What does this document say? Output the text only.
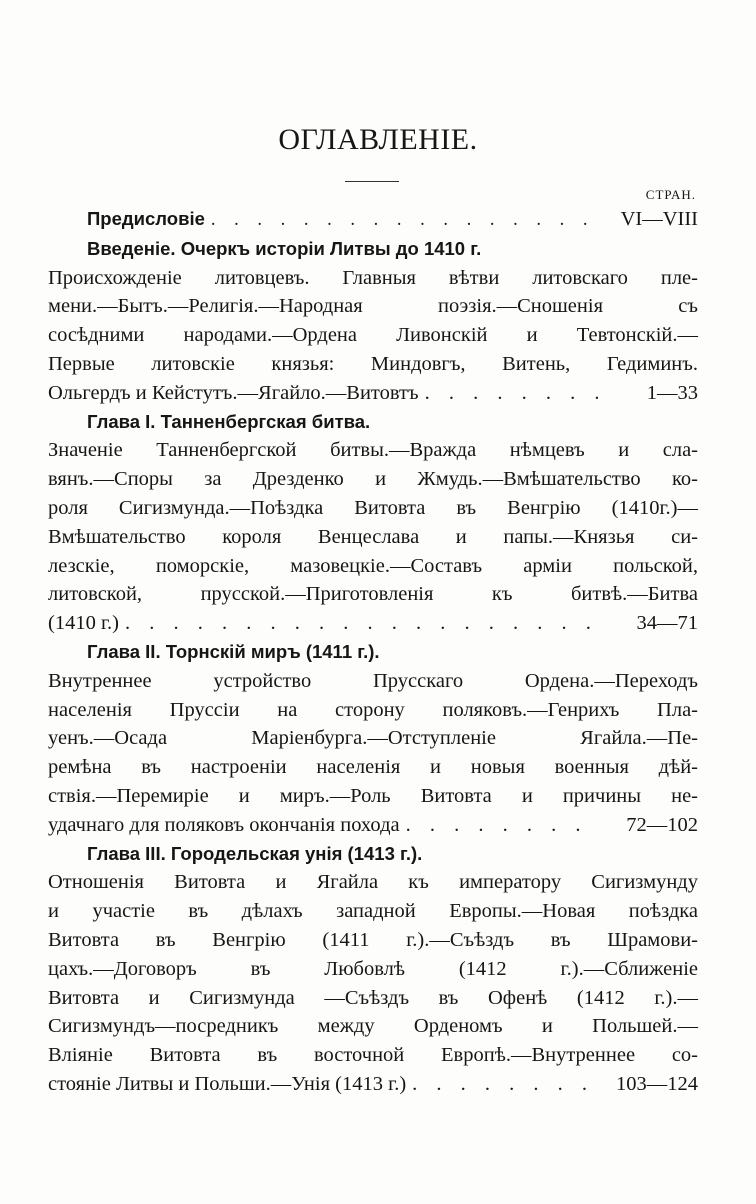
ОГЛАВЛЕНІЕ.
СТРАН.
Предисловіе . . .	VI—VIII
Введеніе. Очеркъ исторіи Литвы до 1410 г.
Происхожденіе литовцевъ. Главныя вѣтви литовскаго пле-
мени.—Бытъ.—Религія.—Народная поэзія.—Сношенія съ
сосѣдними народами.—Ордена Ливонскій и Тевтонскій.—
Первые литовскіе князья: Миндовгъ, Витень, Гедиминъ.
Ольгердъ и Кейстутъ.—Ягайло.—Витовтъ . . .	1—33
Глава I. Танненбергская битва.
Значеніе Танненбергской битвы.—Вражда нѣмцевъ и сла-
вянъ.—Споры за Дрезденко и Жмудь.—Вмѣшательство ко-
роля Сигизмунда.—Поѣздка Витовта въ Венгрію (1410г.)—
Вмѣшательство короля Венцеслава и папы.—Князья си-
лезскіе, поморскіе, мазовецкіе.—Составъ арміи польской,
литовской, прусской.—Приготовленія къ битвѣ.—Битва
(1410 г.) . . .	34—71
Глава II. Торнскій миръ (1411 г.).
Внутреннее устройство Прусскаго Ордена.—Переходъ
населенія Пруссіи на сторону поляковъ.—Генрихъ Пла-
уенъ.—Осада Маріенбурга.—Отступленіе Ягайла.—Пе-
ремѣна въ настроеніи населенія и новыя военныя дѣй-
ствія.—Перемиріе и миръ.—Роль Витовта и причины не-
удачнаго для поляковъ окончанія похода . . .	72—102
Глава III. Городельская унія (1413 г.).
Отношенія Витовта и Ягайла къ императору Сигизмунду
и участіе въ дѣлахъ западной Европы.—Новая поѣздка
Витовта въ Венгрію (1411 г.).—Съѣздъ въ Шрамови-
цахъ.—Договоръ въ Любовлѣ (1412 г.).—Сближеніе
Витовта и Сигизмунда —Съѣздъ въ Офенѣ (1412 г.).—
Сигизмундъ—посредникъ между Орденомъ и Польшей.—
Вліяніе Витовта въ восточной Европѣ.—Внутреннее со-
стояніе Литвы и Польши.—Унія (1413 г.) . . .	103—124
